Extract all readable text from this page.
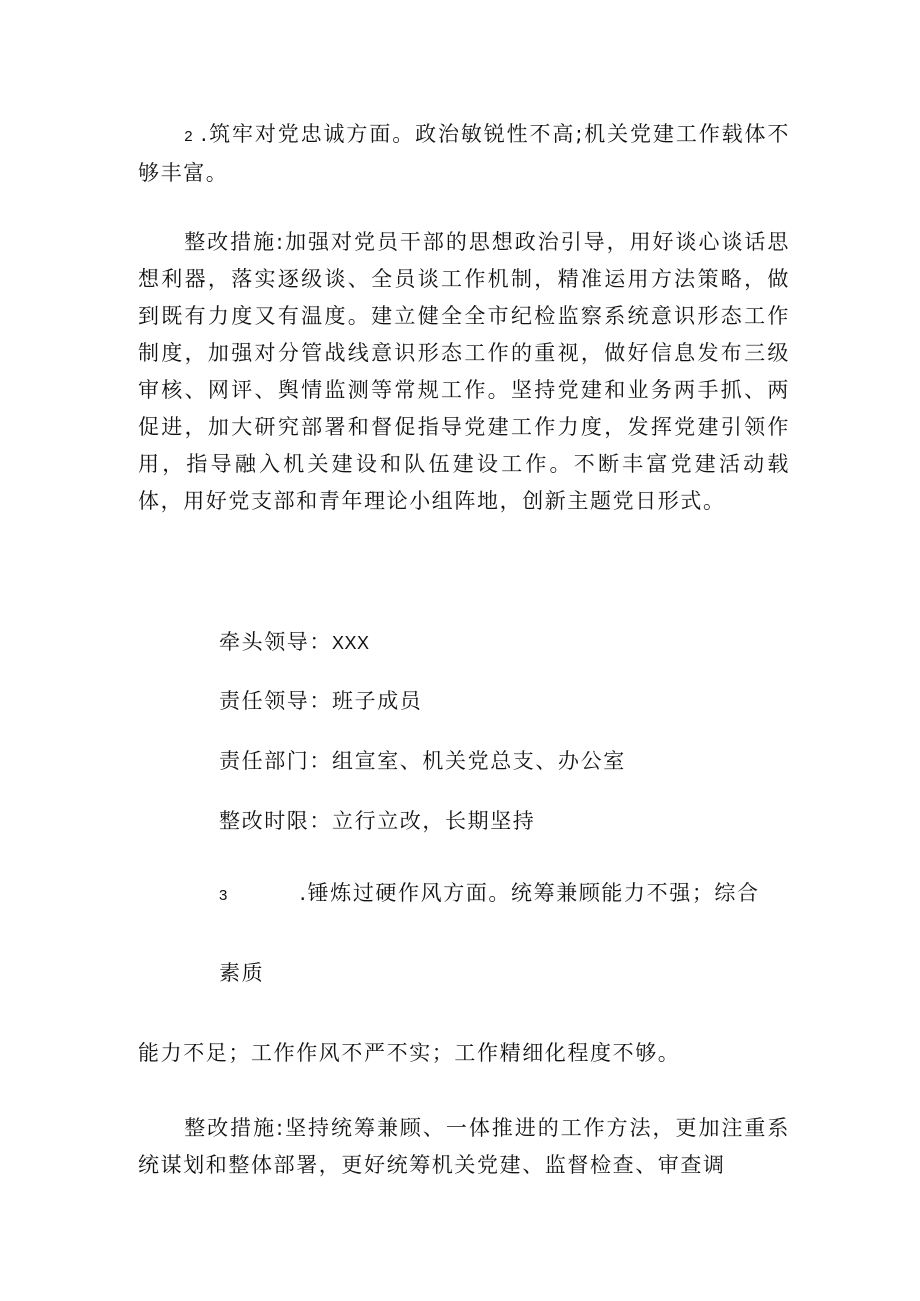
2 .筑牢对党忠诚方面。政治敏锐性不高;机关党建工作载体不够丰富。

整改措施:加强对党员干部的思想政治引导，用好谈心谈话思想利器，落实逐级谈、全员谈工作机制，精准运用方法策略，做到既有力度又有温度。建立健全全市纪检监察系统意识形态工作制度，加强对分管战线意识形态工作的重视，做好信息发布三级审核、网评、舆情监测等常规工作。坚持党建和业务两手抓、两促进，加大研究部署和督促指导党建工作力度，发挥党建引领作用，指导融入机关建设和队伍建设工作。不断丰富党建活动载体，用好党支部和青年理论小组阵地，创新主题党日形式。

牵头领导：XXX

责任领导：班子成员

责任部门：组宣室、机关党总支、办公室

整改时限：立行立改，长期坚持

3	.锤炼过硬作风方面。统筹兼顾能力不强；综合

素质

能力不足；工作作风不严不实；工作精细化程度不够。

整改措施:坚持统筹兼顾、一体推进的工作方法，更加注重系统谋划和整体部署，更好统筹机关党建、监督检查、审查调
